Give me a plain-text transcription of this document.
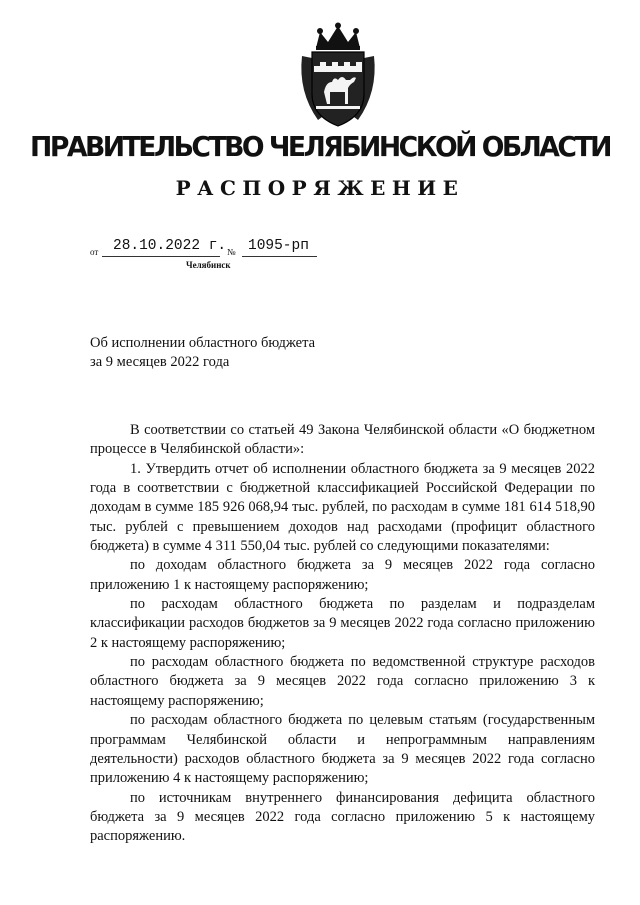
ПРАВИТЕЛЬСТВО ЧЕЛЯБИНСКОЙ ОБЛАСТИ
РАСПОРЯЖЕНИЕ
от 28.10.2022 г. № 1095-рп
Челябинск
Об исполнении областного бюджета
за 9 месяцев 2022 года

В соответствии со статьей 49 Закона Челябинской области «О бюджетном процессе в Челябинской области»:

1. Утвердить отчет об исполнении областного бюджета за 9 месяцев 2022 года в соответствии с бюджетной классификацией Российской Федерации по доходам в сумме 185 926 068,94 тыс. рублей, по расходам в сумме 181 614 518,90 тыс. рублей с превышением доходов над расходами (профицит областного бюджета) в сумме 4 311 550,04 тыс. рублей со следующими показателями:

по доходам областного бюджета за 9 месяцев 2022 года согласно приложению 1 к настоящему распоряжению;

по расходам областного бюджета по разделам и подразделам классификации расходов бюджетов за 9 месяцев 2022 года согласно приложению 2 к настоящему распоряжению;

по расходам областного бюджета по ведомственной структуре расходов областного бюджета за 9 месяцев 2022 года согласно приложению 3 к настоящему распоряжению;

по расходам областного бюджета по целевым статьям (государственным программам Челябинской области и непрограммным направлениям деятельности) расходов областного бюджета за 9 месяцев 2022 года согласно приложению 4 к настоящему распоряжению;

по источникам внутреннего финансирования дефицита областного бюджета за 9 месяцев 2022 года согласно приложению 5 к настоящему распоряжению.
